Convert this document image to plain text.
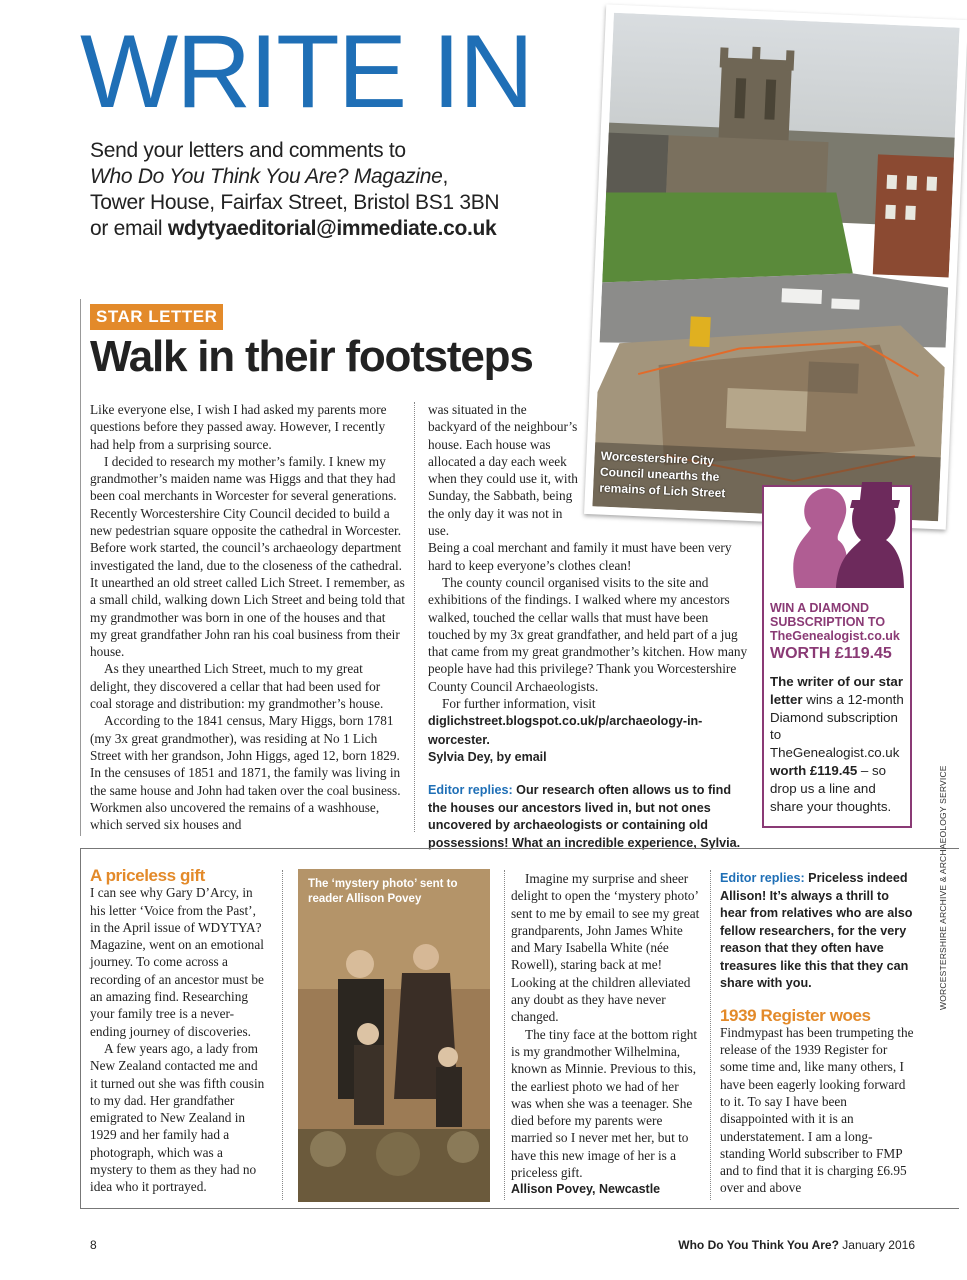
WRITE IN
Send your letters and comments to
Who Do You Think You Are? Magazine,
Tower House, Fairfax Street, Bristol BS1 3BN
or email wdytyaeditorial@immediate.co.uk
Worcestershire City Council unearths the remains of Lich Street
STAR LETTER
Walk in their footsteps

Like everyone else, I wish I had asked my parents more questions before they passed away. However, I recently had help from a surprising source.

I decided to research my mother’s family. I knew my grandmother’s maiden name was Higgs and that they had been coal merchants in Worcester for several generations. Recently Worcestershire City Council decided to build a new pedestrian square opposite the cathedral in Worcester. Before work started, the council’s archaeology department investigated the land, due to the closeness of the cathedral. It unearthed an old street called Lich Street. I remember, as a small child, walking down Lich Street and being told that my grandmother was born in one of the houses and that my great grandfather John ran his coal business from their house.

As they unearthed Lich Street, much to my great delight, they discovered a cellar that had been used for coal storage and distribution: my grandmother’s house.

According to the 1841 census, Mary Higgs, born 1781 (my 3x great grandmother), was residing at No 1 Lich Street with her grandson, John Higgs, aged 12, born 1829. In the censuses of 1851 and 1871, the family was living in the same house and John had taken over the coal business. Workmen also uncovered the remains of a washhouse, which served six houses and

was situated in the backyard of the neighbour’s house. Each house was allocated a day each week when they could use it, with Sunday, the Sabbath, being the only day it was not in use.

Being a coal merchant and family it must have been very hard to keep everyone’s clothes clean!

The county council organised visits to the site and exhibitions of the findings. I walked where my ancestors walked, touched the cellar walls that must have been touched by my 3x great grandfather, and held part of a jug that came from my great grandmother’s kitchen. How many people have had this privilege? Thank you Worcestershire County Council Archaeologists.

For further information, visit diglichstreet.blogspot.co.uk/p/archaeology-in-worcester.

Sylvia Dey, by email

Editor replies: Our research often allows us to find the houses our ancestors lived in, but not ones uncovered by archaeologists or containing old possessions! What an incredible experience, Sylvia.
WIN A DIAMOND SUBSCRIPTION TO
TheGenealogist.co.uk
WORTH £119.45
The writer of our star letter wins a 12-month Diamond subscription to TheGenealogist.co.uk worth £119.45 – so drop us a line and share your thoughts.
A priceless gift

I can see why Gary D’Arcy, in his letter ‘Voice from the Past’, in the April issue of WDYTYA? Magazine, went on an emotional journey. To come across a recording of an ancestor must be an amazing find. Researching your family tree is a never-ending journey of discoveries.

A few years ago, a lady from New Zealand contacted me and it turned out she was fifth cousin to my dad. Her grandfather emigrated to New Zealand in 1929 and her family had a photograph, which was a mystery to them as they had no idea who it portrayed.

The ‘mystery photo’ sent to reader Allison Povey

Imagine my surprise and sheer delight to open the ‘mystery photo’ sent to me by email to see my great grandparents, John James White and Mary Isabella White (née Rowell), staring back at me! Looking at the children alleviated any doubt as they have never changed.

The tiny face at the bottom right is my grandmother Wilhelmina, known as Minnie. Previous to this, the earliest photo we had of her was when she was a teenager. She died before my parents were married so I never met her, but to have this new image of her is a priceless gift.

Allison Povey, Newcastle

Editor replies: Priceless indeed Allison! It’s always a thrill to hear from relatives who are also fellow researchers, for the very reason that they often have treasures like this that they can share with you.
1939 Register woes

Findmypast has been trumpeting the release of the 1939 Register for some time and, like many others, I have been eagerly looking forward to it. To say I have been disappointed with it is an understatement. I am a long-standing World subscriber to FMP and to find that it is charging £6.95 over and above

WORCESTERSHIRE ARCHIVE & ARCHAEOLOGY SERVICE
8	Who Do You Think You Are? January 2016
